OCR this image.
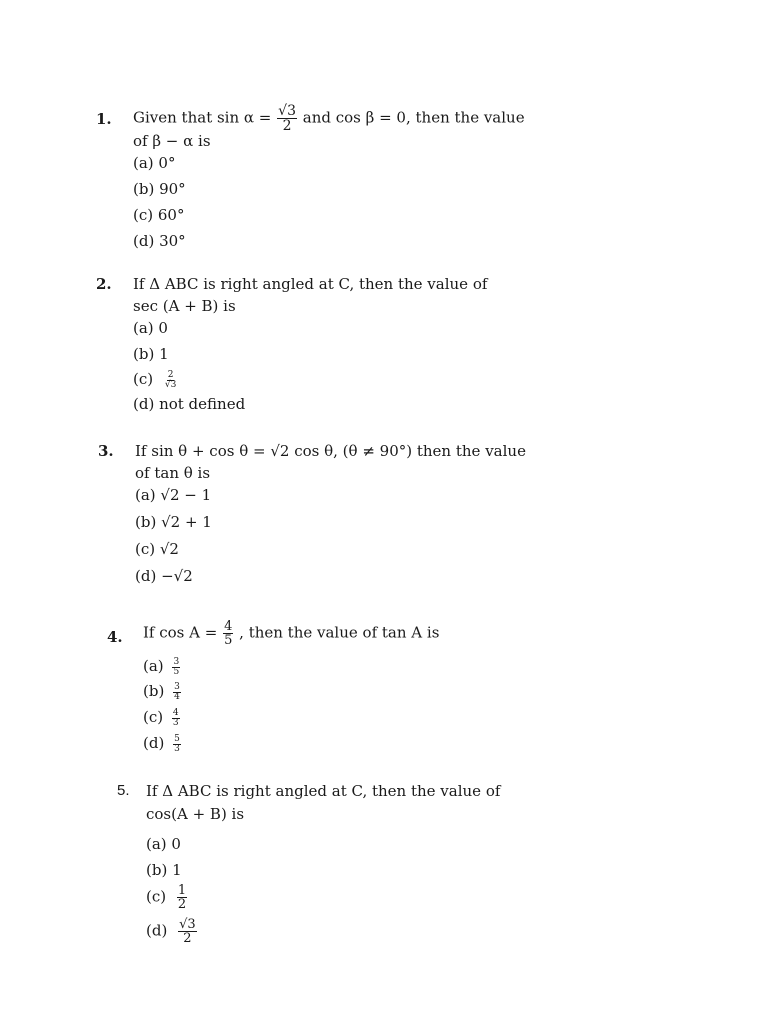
1. Given that $\sin \alpha = \frac{√3}{2}$ and cos β = 0, then the value
of β − α is
(a) 0°
(b) 90°
(c) 60°
(d) 30°
2. If Δ ABC is right angled at C, then the value of
sec (A + B) is
(a) 0
(b) 1
$(c) \frac{2}{√3}$
(d) not defined
3. If sin θ + cos θ = √2 cos θ, (θ ≠ 90°) then the value
of tan θ is
(a) √2 − 1
(b) √2 + 1
(c) √2
(d) −√2
4. If $\cos A = \frac{4}{5}$ , then the value of tan A is
$(a) \frac{3}{5}$
$(b) \frac{3}{4}$
$(c) \frac{4}{3}$
$(d) \frac{5}{3}$
5. If Δ ABC is right angled at C, then the value of
cos(A + B) is
(a) 0
(b) 1
$(c) \frac{1}{2}$
$(d) \frac{√3}{2}$
